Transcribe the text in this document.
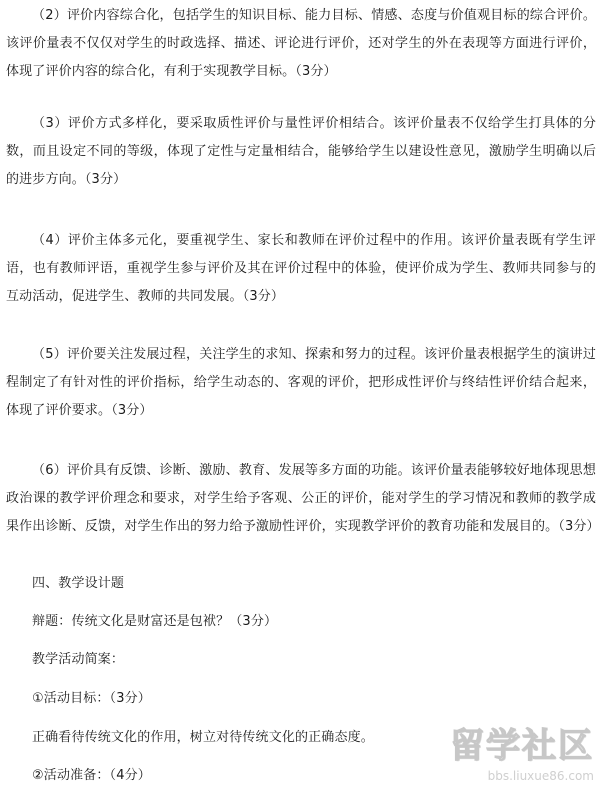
（2）评价内容综合化，包括学生的知识目标、能力目标、情感、态度与价值观目标的综合评价。该评价量表不仅仅对学生的时政选择、描述、评论进行评价，还对学生的外在表现等方面进行评价，体现了评价内容的综合化，有利于实现教学目标。（3分）

（3）评价方式多样化，要采取质性评价与量性评价相结合。该评价量表不仅给学生打具体的分数，而且设定不同的等级，体现了定性与定量相结合，能够给学生以建设性意见，激励学生明确以后的进步方向。（3分）

（4）评价主体多元化，要重视学生、家长和教师在评价过程中的作用。该评价量表既有学生评语，也有教师评语，重视学生参与评价及其在评价过程中的体验，使评价成为学生、教师共同参与的互动活动，促进学生、教师的共同发展。（3分）

（5）评价要关注发展过程，关注学生的求知、探索和努力的过程。该评价量表根据学生的演讲过程制定了有针对性的评价指标，给学生动态的、客观的评价，把形成性评价与终结性评价结合起来，体现了评价要求。（3分）

（6）评价具有反馈、诊断、激励、教育、发展等多方面的功能。该评价量表能够较好地体现思想政治课的教学评价理念和要求，对学生给予客观、公正的评价，能对学生的学习情况和教师的教学成果作出诊断、反馈，对学生作出的努力给予激励性评价，实现教学评价的教育功能和发展目的。（3分）

四、教学设计题

辩题：传统文化是财富还是包袱？（3分）

教学活动简案：

①活动目标：（3分）

正确看待传统文化的作用，树立对待传统文化的正确态度。

②活动准备：（4分）

留学社区
bbs.liuxue86.com
